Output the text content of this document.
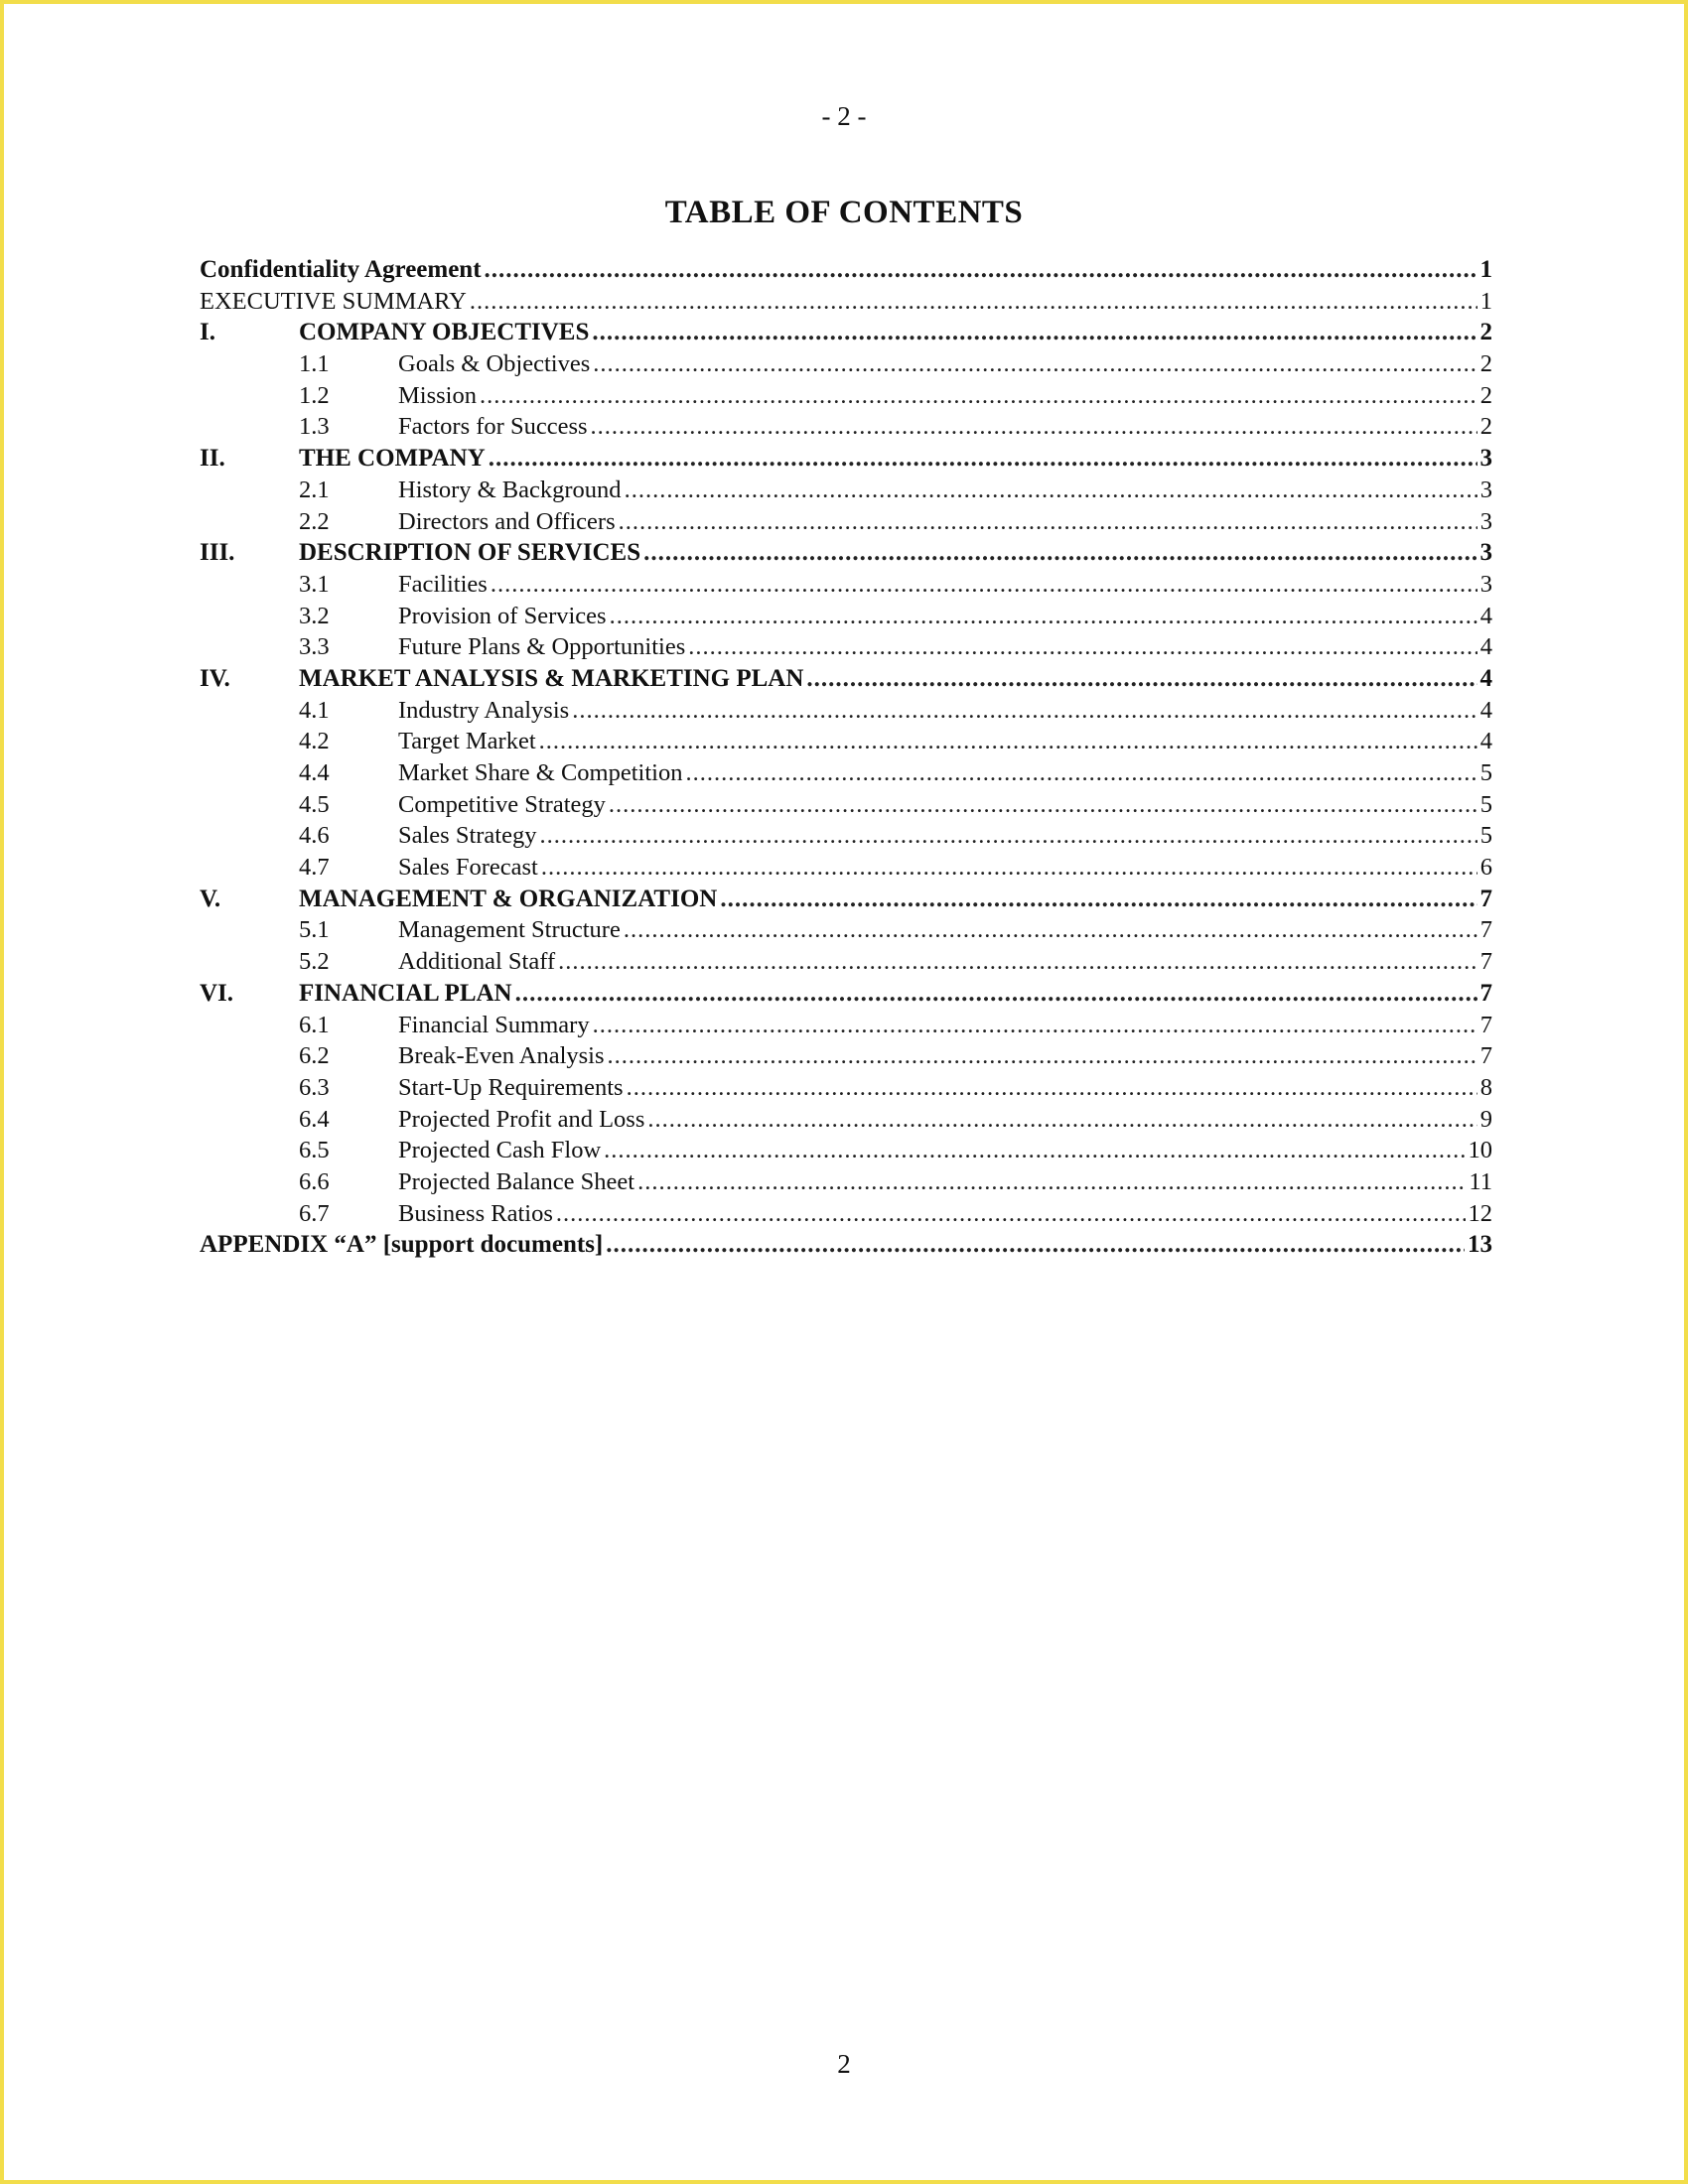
- 2 -
TABLE OF CONTENTS
Confidentiality Agreement .....	1
EXECUTIVE SUMMARY .....	1
I.	COMPANY OBJECTIVES .....	2
1.1	Goals & Objectives .....	2
1.2	Mission .....	2
1.3	Factors for Success .....	2
II.	THE COMPANY .....	3
2.1	History & Background .....	3
2.2	Directors and Officers .....	3
III.	DESCRIPTION OF SERVICES .....	3
3.1	Facilities .....	3
3.2	Provision of Services .....	4
3.3	Future Plans & Opportunities .....	4
IV.	MARKET ANALYSIS & MARKETING PLAN .....	4
4.1	Industry Analysis .....	4
4.2	Target Market .....	4
4.4	Market Share & Competition .....	5
4.5	Competitive Strategy .....	5
4.6	Sales Strategy .....	5
4.7	Sales Forecast .....	6
V.	MANAGEMENT & ORGANIZATION .....	7
5.1	Management Structure .....	7
5.2	Additional Staff .....	7
VI.	FINANCIAL PLAN .....	7
6.1	Financial Summary .....	7
6.2	Break-Even Analysis .....	7
6.3	Start-Up Requirements .....	8
6.4	Projected Profit and Loss .....	9
6.5	Projected Cash Flow .....	10
6.6	Projected Balance Sheet .....	11
6.7	Business Ratios .....	12
APPENDIX “A” [support documents] .....	13
2
